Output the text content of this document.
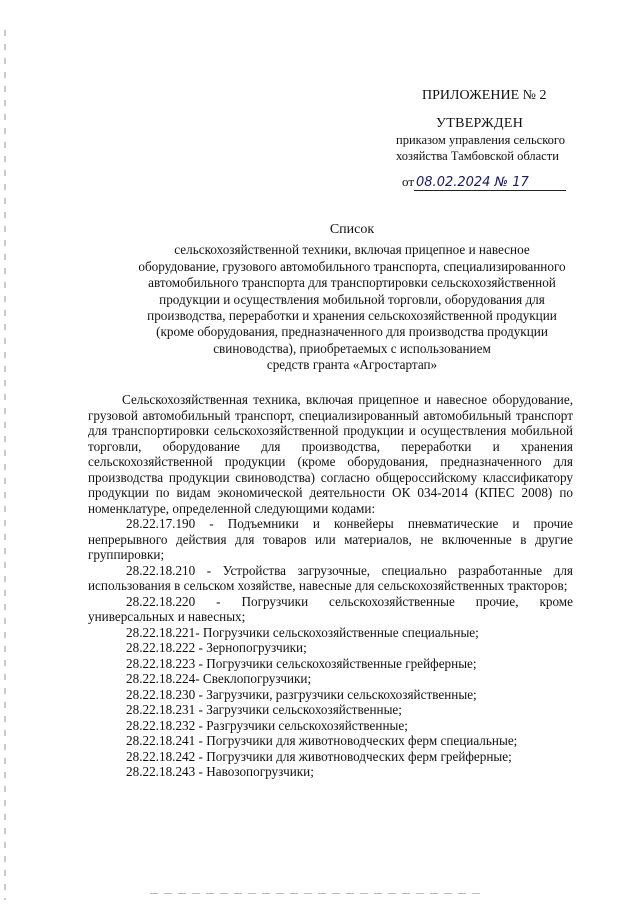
ПРИЛОЖЕНИЕ № 2
УТВЕРЖДЕН
приказом управления сельского
хозяйства Тамбовской области
от 08.02.2024 № 17
Список
сельскохозяйственной техники, включая прицепное и навесное
оборудование, грузового автомобильного транспорта, специализированного
автомобильного транспорта для транспортировки сельскохозяйственной
продукции и осуществления мобильной торговли, оборудования для
производства, переработки и хранения сельскохозяйственной продукции
(кроме оборудования, предназначенного для производства продукции
свиноводства), приобретаемых с использованием
средств гранта «Агростартап»

Сельскохозяйственная техника, включая прицепное и навесное оборудование, грузовой автомобильный транспорт, специализированный автомобильный транспорт для транспортировки сельскохозяйственной продукции и осуществления мобильной торговли, оборудование для производства, переработки и хранения сельскохозяйственной продукции (кроме оборудования, предназначенного для производства продукции свиноводства) согласно общероссийскому классификатору продукции по видам экономической деятельности ОК 034-2014 (КПЕС 2008) по номенклатуре, определенной следующими кодами:

28.22.17.190 - Подъемники и конвейеры пневматические и прочие непрерывного действия для товаров или материалов, не включенные в другие группировки;

28.22.18.210 - Устройства загрузочные, специально разработанные для использования в сельском хозяйстве, навесные для сельскохозяйственных тракторов;

28.22.18.220 - Погрузчики сельскохозяйственные прочие, кроме универсальных и навесных;

28.22.18.221- Погрузчики сельскохозяйственные специальные;

28.22.18.222 - Зернопогрузчики;

28.22.18.223 - Погрузчики сельскохозяйственные грейферные;

28.22.18.224- Свеклопогрузчики;

28.22.18.230 - Загрузчики, разгрузчики сельскохозяйственные;

28.22.18.231 - Загрузчики сельскохозяйственные;

28.22.18.232 - Разгрузчики сельскохозяйственные;

28.22.18.241 - Погрузчики для животноводческих ферм специальные;

28.22.18.242 - Погрузчики для животноводческих ферм грейферные;

28.22.18.243 - Навозопогрузчики;
